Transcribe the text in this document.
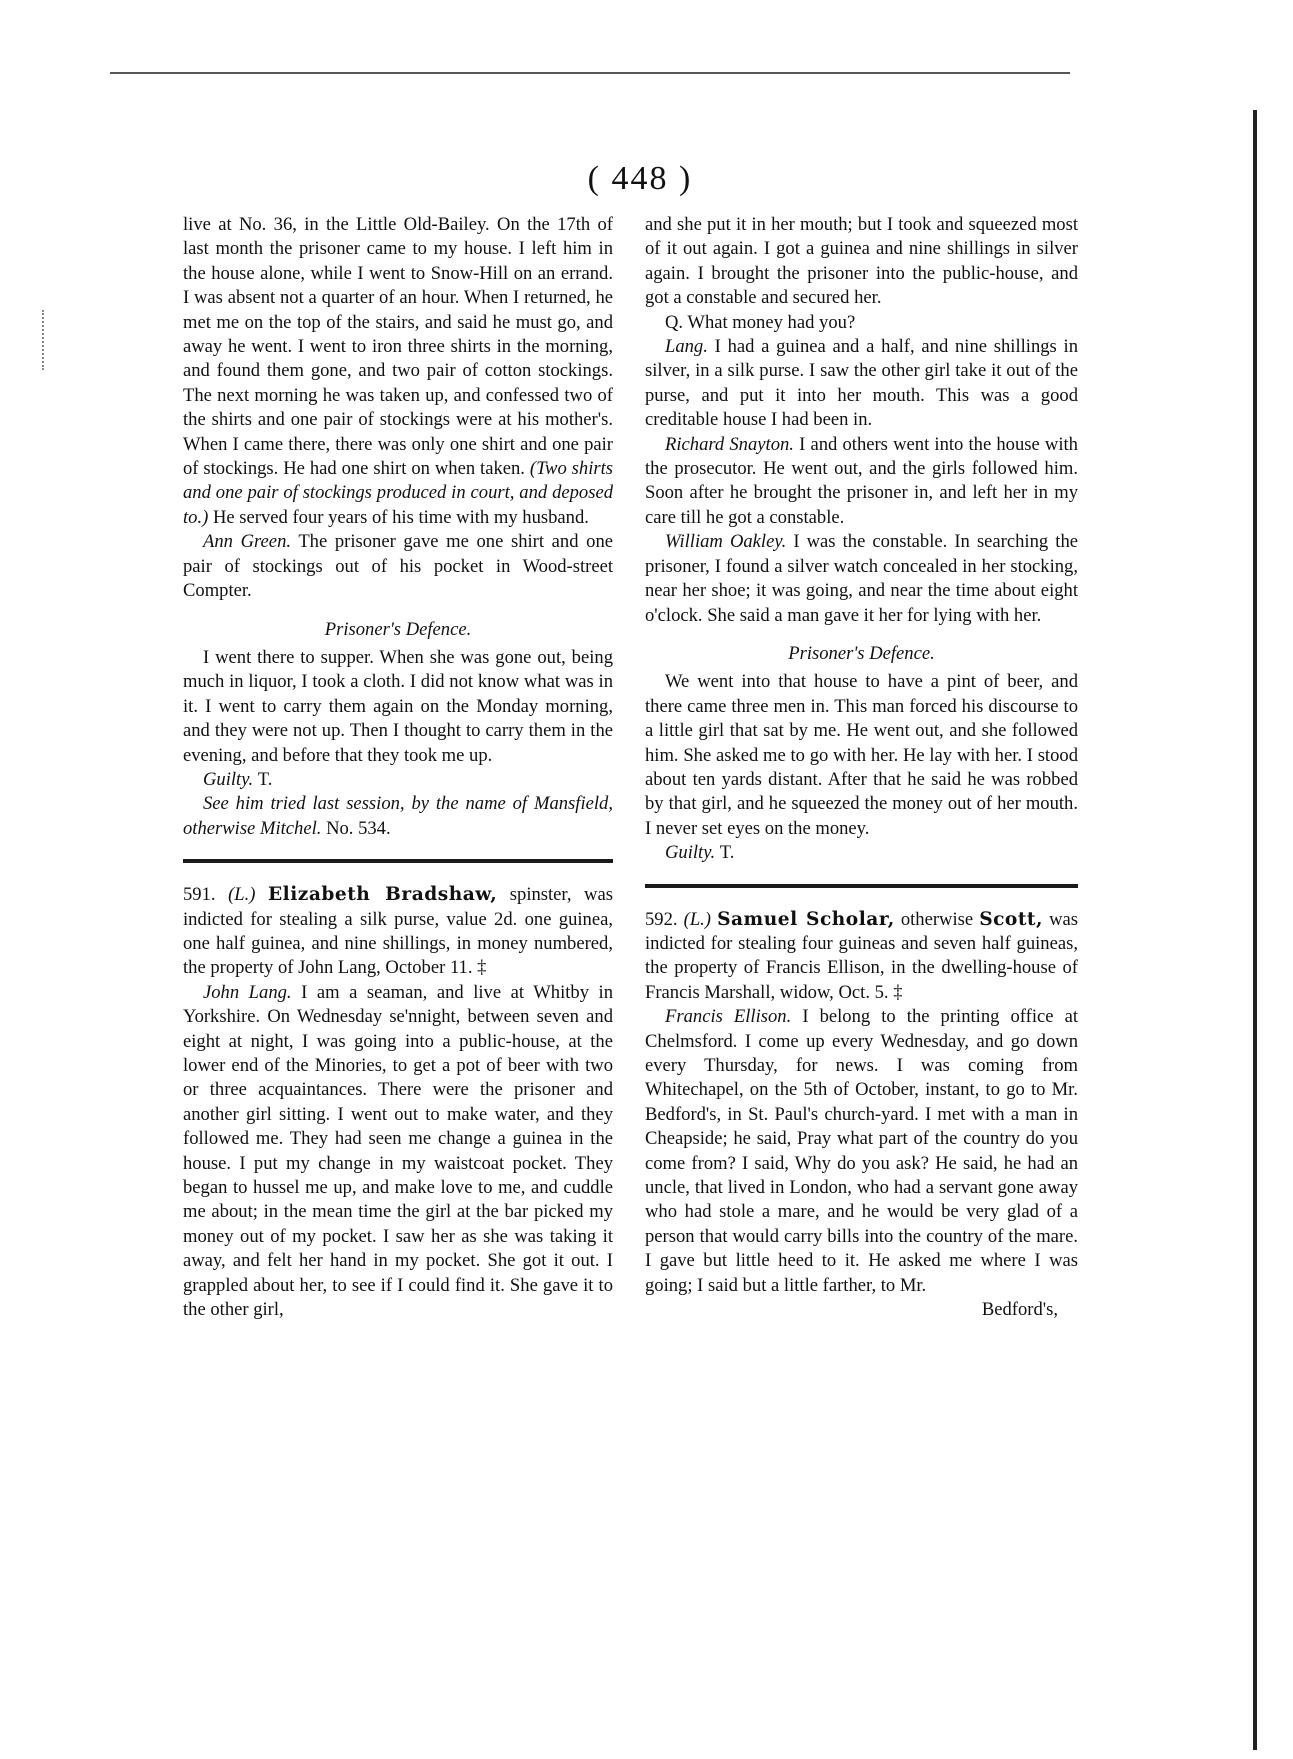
( 448 )

live at No. 36, in the Little Old-Bailey. On the 17th of last month the prisoner came to my house. I left him in the house alone, while I went to Snow-Hill on an errand. I was absent not a quarter of an hour. When I returned, he met me on the top of the stairs, and said he must go, and away he went. I went to iron three shirts in the morning, and found them gone, and two pair of cotton stockings. The next morning he was taken up, and confessed two of the shirts and one pair of stockings were at his mother's. When I came there, there was only one shirt and one pair of stockings. He had one shirt on when taken. (Two shirts and one pair of stockings produced in court, and deposed to.) He served four years of his time with my husband.

Ann Green. The prisoner gave me one shirt and one pair of stockings out of his pocket in Wood-street Compter.

Prisoner's Defence.

I went there to supper. When she was gone out, being much in liquor, I took a cloth. I did not know what was in it. I went to carry them again on the Monday morning, and they were not up. Then I thought to carry them in the evening, and before that they took me up.

Guilty. T.

See him tried last session, by the name of Mansfield, otherwise Mitchel. No. 534.

591. (L.) Elizabeth Bradshaw, spinster, was indicted for stealing a silk purse, value 2d. one guinea, one half guinea, and nine shillings, in money numbered, the property of John Lang, October 11. ‡

John Lang. I am a seaman, and live at Whitby in Yorkshire. On Wednesday se'nnight, between seven and eight at night, I was going into a public-house, at the lower end of the Minories, to get a pot of beer with two or three acquaintances. There were the prisoner and another girl sitting. I went out to make water, and they followed me. They had seen me change a guinea in the house. I put my change in my waistcoat pocket. They began to hussel me up, and make love to me, and cuddle me about; in the mean time the girl at the bar picked my money out of my pocket. I saw her as she was taking it away, and felt her hand in my pocket. She got it out. I grappled about her, to see if I could find it. She gave it to the other girl,

and she put it in her mouth; but I took and squeezed most of it out again. I got a guinea and nine shillings in silver again. I brought the prisoner into the public-house, and got a constable and secured her.

Q. What money had you?

Lang. I had a guinea and a half, and nine shillings in silver, in a silk purse. I saw the other girl take it out of the purse, and put it into her mouth. This was a good creditable house I had been in.

Richard Snayton. I and others went into the house with the prosecutor. He went out, and the girls followed him. Soon after he brought the prisoner in, and left her in my care till he got a constable.

William Oakley. I was the constable. In searching the prisoner, I found a silver watch concealed in her stocking, near her shoe; it was going, and near the time about eight o'clock. She said a man gave it her for lying with her.

Prisoner's Defence.

We went into that house to have a pint of beer, and there came three men in. This man forced his discourse to a little girl that sat by me. He went out, and she followed him. She asked me to go with her. He lay with her. I stood about ten yards distant. After that he said he was robbed by that girl, and he squeezed the money out of her mouth. I never set eyes on the money.

Guilty. T.

592. (L.) Samuel Scholar, otherwise Scott, was indicted for stealing four guineas and seven half guineas, the property of Francis Ellison, in the dwelling-house of Francis Marshall, widow, Oct. 5. ‡

Francis Ellison. I belong to the printing office at Chelmsford. I come up every Wednesday, and go down every Thursday, for news. I was coming from Whitechapel, on the 5th of October, instant, to go to Mr. Bedford's, in St. Paul's church-yard. I met with a man in Cheapside; he said, Pray what part of the country do you come from? I said, Why do you ask? He said, he had an uncle, that lived in London, who had a servant gone away who had stole a mare, and he would be very glad of a person that would carry bills into the country of the mare. I gave but little heed to it. He asked me where I was going; I said but a little farther, to Mr.

Bedford's,
